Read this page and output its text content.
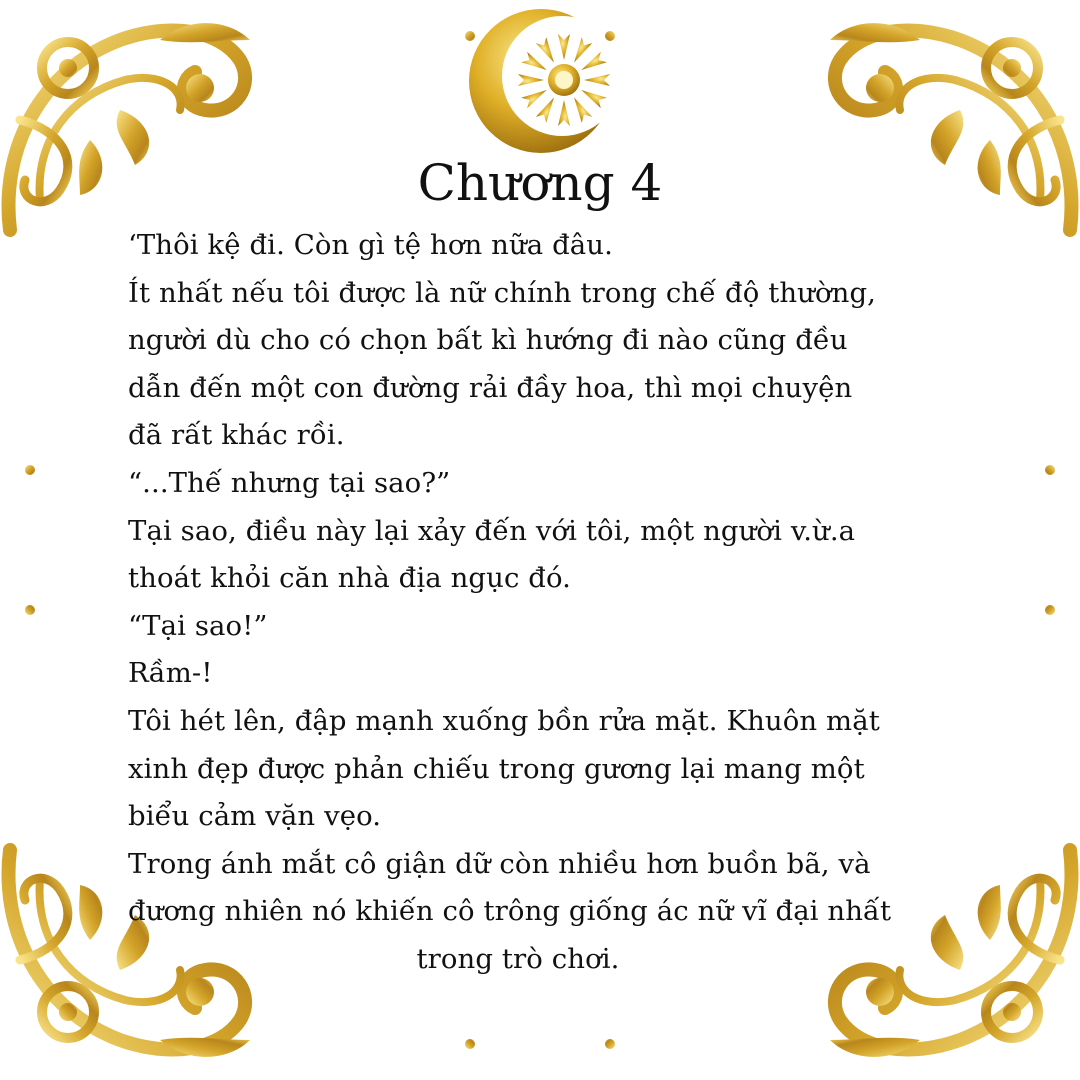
Chương 4
‘Thôi kệ đi. Còn gì tệ hơn nữa đâu.
Ít nhất nếu tôi được là nữ chính trong chế độ thường,
người dù cho có chọn bất kì hướng đi nào cũng đều
dẫn đến một con đường rải đầy hoa, thì mọi chuyện
đã rất khác rồi.
“...Thế nhưng tại sao?”
Tại sao, điều này lại xảy đến với tôi, một người v.ừ.a
thoát khỏi căn nhà địa ngục đó.
“Tại sao!”
Rầm-!
Tôi hét lên, đập mạnh xuống bồn rửa mặt. Khuôn mặt
xinh đẹp được phản chiếu trong gương lại mang một
biểu cảm vặn vẹo.
Trong ánh mắt cô giận dữ còn nhiều hơn buồn bã, và
đương nhiên nó khiến cô trông giống ác nữ vĩ đại nhất
trong trò chơi.
